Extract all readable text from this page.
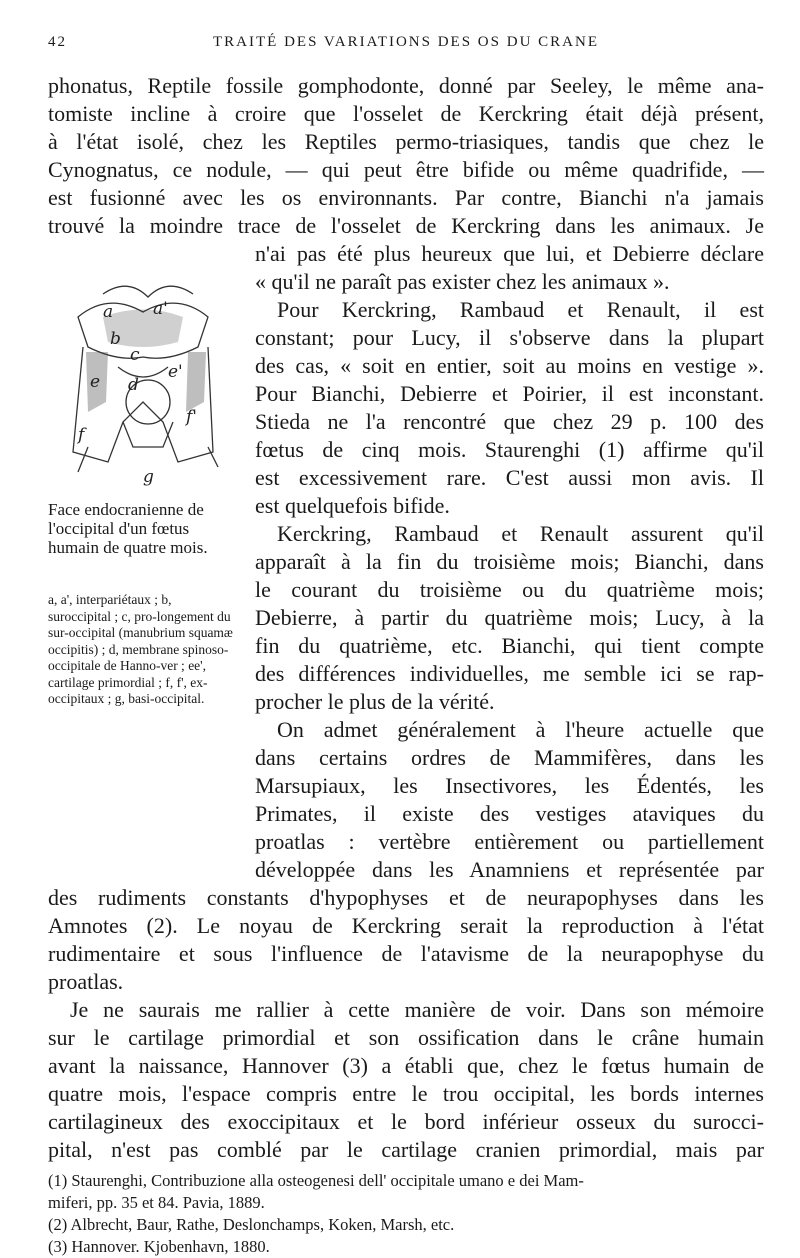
42	TRAITÉ DES VARIATIONS DES OS DU CRANE
phonatus, Reptile fossile gomphodonte, donné par Seeley, le même ana-
tomiste incline à croire que l'osselet de Kerckring était déjà présent,
à l'état isolé, chez les Reptiles permo-triasiques, tandis que chez le
Cynognatus, ce nodule, — qui peut être bifide ou même quadrifide, —
est fusionné avec les os environnants. Par contre, Bianchi n'a jamais
trouvé la moindre trace de l'osselet de Kerckring dans les animaux. Je
a a'
b
c
e d
e'
f
f'
g
Face endocranienne de l'occipital d'un fœtus humain de quatre mois.
a, a', interpariétaux ; b, suroccipital ; c, pro-longement du sur-occipital (manubrium squamæ occipitis) ; d, membrane spinoso-occipitale de Hanno-ver ; ee', cartilage primordial ; f, f', ex-occipitaux ; g, basi-occipital.
n'ai pas été plus heureux que lui, et Debierre déclare
« qu'il ne paraît pas exister chez les animaux ».
Pour Kerckring, Rambaud et Renault, il est
constant; pour Lucy, il s'observe dans la plupart
des cas, « soit en entier, soit au moins en vestige ».
Pour Bianchi, Debierre et Poirier, il est inconstant.
Stieda ne l'a rencontré que chez 29 p. 100 des
fœtus de cinq mois. Staurenghi (1) affirme qu'il
est excessivement rare. C'est aussi mon avis. Il
est quelquefois bifide.
Kerckring, Rambaud et Renault assurent qu'il
apparaît à la fin du troisième mois; Bianchi, dans
le courant du troisième ou du quatrième mois;
Debierre, à partir du quatrième mois; Lucy, à la
fin du quatrième, etc. Bianchi, qui tient compte
des différences individuelles, me semble ici se rap-
procher le plus de la vérité.
On admet généralement à l'heure actuelle que
dans certains ordres de Mammifères, dans les
Marsupiaux, les Insectivores, les Édentés, les
Primates, il existe des vestiges ataviques du
proatlas : vertèbre entièrement ou partiellement
développée dans les Anamniens et représentée par
des rudiments constants d'hypophyses et de neurapophyses dans les
Amnotes (2). Le noyau de Kerckring serait la reproduction à l'état
rudimentaire et sous l'influence de l'atavisme de la neurapophyse du
proatlas.
Je ne saurais me rallier à cette manière de voir. Dans son mémoire
sur le cartilage primordial et son ossification dans le crâne humain
avant la naissance, Hannover (3) a établi que, chez le fœtus humain de
quatre mois, l'espace compris entre le trou occipital, les bords internes
cartilagineux des exoccipitaux et le bord inférieur osseux du surocci-
pital, n'est pas comblé par le cartilage cranien primordial, mais par
(1) Staurenghi, Contribuzione alla osteogenesi dell' occipitale umano e dei Mam-
miferi, pp. 35 et 84. Pavia, 1889.
(2) Albrecht, Baur, Rathe, Deslonchamps, Koken, Marsh, etc.
(3) Hannover. Kjobenhavn, 1880.
